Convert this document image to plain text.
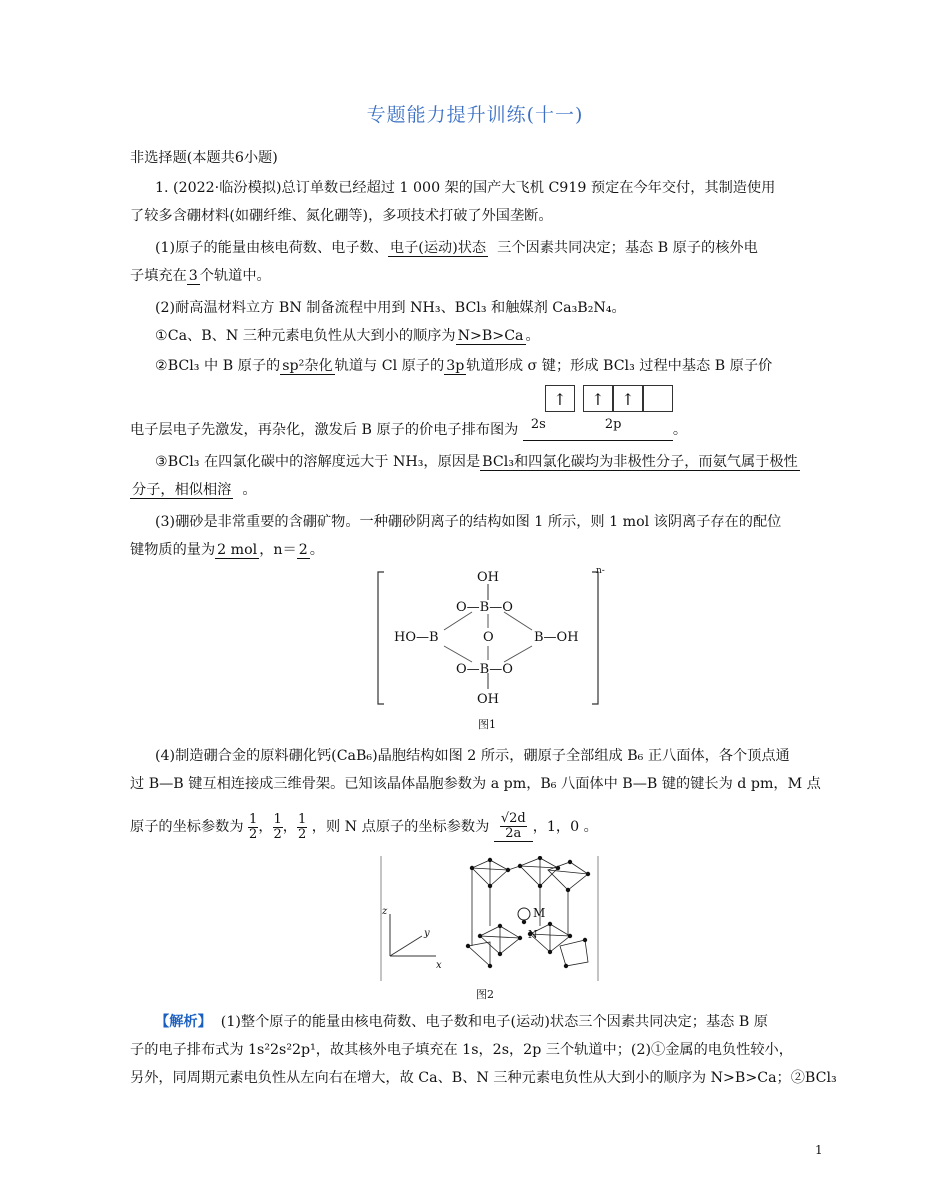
专题能力提升训练(十一)
非选择题(本题共6小题)
1. (2022·临汾模拟)总订单数已经超过 1 000 架的国产大飞机 C919 预定在今年交付，其制造使用
了较多含硼材料(如硼纤维、氮化硼等)，多项技术打破了外国垄断。
(1)原子的能量由核电荷数、电子数、 电子(运动)状态 三个因素共同决定；基态 B 原子的核外电
子填充在 3 个轨道中。
(2)耐高温材料立方 BN 制备流程中用到 NH₃、BCl₃ 和触媒剂 Ca₃B₂N₄。
①Ca、B、N 三种元素电负性从大到小的顺序为 N>B>Ca 。
②BCl₃ 中 B 原子的 sp²杂化 轨道与 Cl 原子的 3p 轨道形成 σ 键；形成 BCl₃ 过程中基态 B 原子价
↑	↑	↑
电子层电子先激发，再杂化，激发后 B 原子的价电子排布图为 2s	2p	。
③BCl₃ 在四氯化碳中的溶解度远大于 NH₃，原因是 BCl₃和四氯化碳均为非极性分子，而氨气属于极性
分子，相似相溶 。
(3)硼砂是非常重要的含硼矿物。一种硼砂阴离子的结构如图 1 所示，则 1 mol 该阴离子存在的配位
键物质的量为 2 mol ，n＝ 2 。
n-
OH
O—B—O
HO—B	O	B—OH
O—B—O
OH
图1
(4)制造硼合金的原料硼化钙(CaB₆)晶胞结构如图 2 所示，硼原子全部组成 B₆ 正八面体，各个顶点通
过 B—B 键互相连接成三维骨架。已知该晶体晶胞参数为 a pm，B₆ 八面体中 B—B 键的键长为 d pm，M 点
原子的坐标参数为 $\frac{1}{2}$ ， $\frac{1}{2}$ ， $\frac{1}{2}$ ，则 N 点原子的坐标参数为 $\frac{√2d}{2a}$ ，1，0 。
M
N
z
y
x
图2
【解析】 (1)整个原子的能量由核电荷数、电子数和电子(运动)状态三个因素共同决定；基态 B 原
子的电子排布式为 1s²2s²2p¹，故其核外电子填充在 1s，2s，2p 三个轨道中；(2)①金属的电负性较小，
另外，同周期元素电负性从左向右在增大，故 Ca、B、N 三种元素电负性从大到小的顺序为 N>B>Ca；②BCl₃
1
